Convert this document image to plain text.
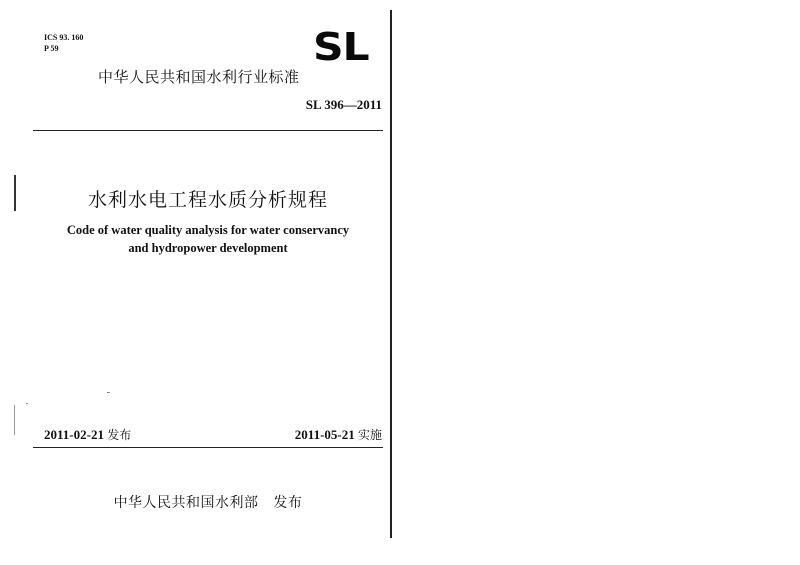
ICS 93. 160
P 59	SL
中华人民共和国水利行业标准
SL 396—2011
水利水电工程水质分析规程
Code of water quality analysis for water conservancy
and hydropower development
2011-02-21 发布	2011-05-21 实施
中华人民共和国水利部   发布
